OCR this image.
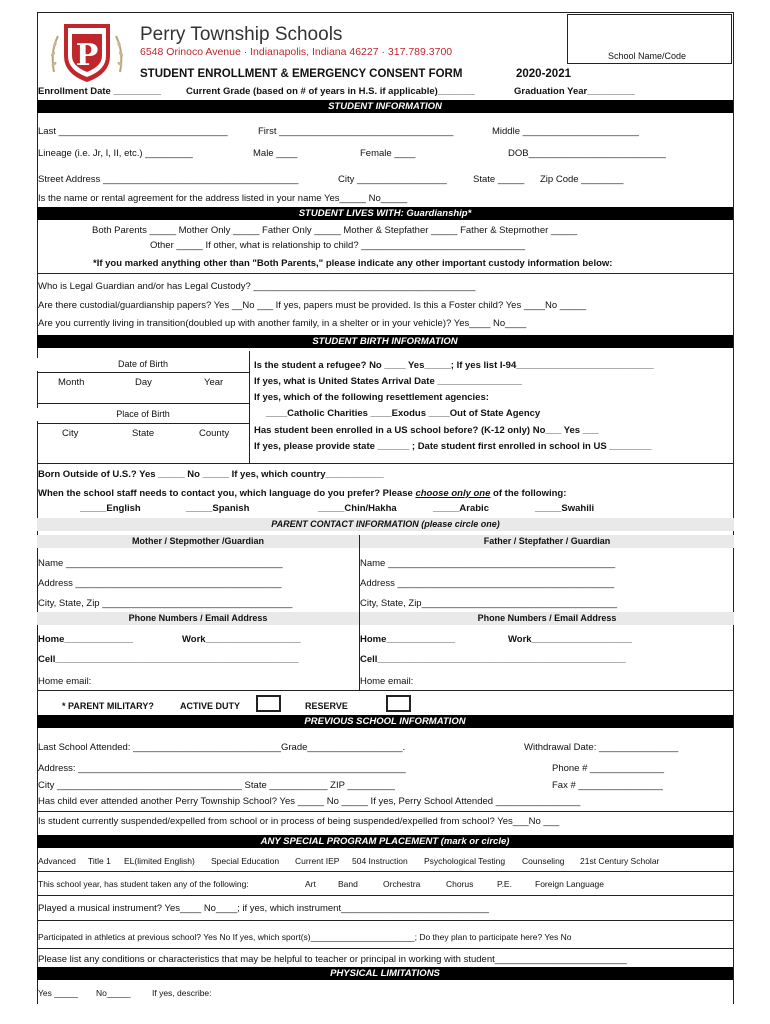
P
Perry Township Schools
6548 Orinoco Avenue · Indianapolis, Indiana 46227 · 317.789.3700	School Name/Code
STUDENT ENROLLMENT & EMERGENCY CONSENT FORM	2020-2021
Enrollment Date _________	Current Grade (based on # of years in H.S. if applicable)_______	Graduation Year_________
STUDENT INFORMATION
Last ________________________________	First _________________________________	Middle ______________________
Lineage (i.e. Jr, I, II, etc.) _________	Male ____	Female ____	DOB__________________________
Street Address _____________________________________	City _________________	State _____ Zip Code ________
Is the name or rental agreement for the address listed in your name Yes_____ No_____
STUDENT LIVES WITH: Guardianship*
Both Parents _____ Mother Only _____ Father Only _____ Mother & Stepfather _____ Father & Stepmother _____
Other _____ If other, what is relationship to child? _______________________________
*If you marked anything other than "Both Parents," please indicate any other important custody information below:
Who is Legal Guardian and/or has Legal Custody? __________________________________________
Are there custodial/guardianship papers? Yes __No ___ If yes, papers must be provided. Is this a Foster child? Yes ____No _____
Are you currently living in transition(doubled up with another family, in a shelter or in your vehicle)? Yes____ No____
STUDENT BIRTH INFORMATION
Date of Birth
Month	Day	Year
Place of Birth
City	State	County
Is the student a refugee? No ____ Yes_____; If yes list I-94__________________________
If yes, what is United States Arrival Date ________________
If yes, which of the following resettlement agencies:
____Catholic Charities ____Exodus ____Out of State Agency
Has student been enrolled in a US school before? (K-12 only) No___ Yes ___
If yes, please provide state ______ ; Date student first enrolled in school in US ________
Born Outside of U.S.? Yes _____ No _____ If yes, which country___________
When the school staff needs to contact you, which language do you prefer? Please choose only one of the following:
_____English	_____Spanish	_____Chin/Hakha	_____Arabic	_____Swahili
PARENT CONTACT INFORMATION (please circle one)
Mother / Stepmother /Guardian	Father / Stepfather / Guardian
Name _________________________________________	Name ___________________________________________
Address _______________________________________	Address _________________________________________
City, State, Zip ____________________________________	City, State, Zip_____________________________________
Phone Numbers / Email Address	Phone Numbers / Email Address
Home_____________	Work__________________	Home_____________	Work___________________
Cell______________________________________________	Cell_______________________________________________
Home email:	Home email:
* PARENT MILITARY?	ACTIVE DUTY	RESERVE
PREVIOUS SCHOOL INFORMATION
Last School Attended: ____________________________Grade__________________.	Withdrawal Date: _______________
Address: ______________________________________________________________	Phone # ______________
City ___________________________________ State ___________ ZIP _________	Fax # ________________
Has child ever attended another Perry Township School? Yes _____ No _____ If yes, Perry School Attended ________________
Is student currently suspended/expelled from school or in process of being suspended/expelled from school? Yes___No ___
ANY SPECIAL PROGRAM PLACEMENT (mark or circle)
Advanced Title 1 EL(limited English) Special Education Current IEP 504 Instruction Psychological Testing Counseling 21st Century Scholar
This school year, has student taken any of the following:	Art	Band	Orchestra	Chorus	P.E.	Foreign Language
Played a musical instrument? Yes____ No____; if yes, which instrument____________________________
Participated in athletics at previous school? Yes No If yes, which sport(s)______________________; Do they plan to participate here? Yes No
Please list any conditions or characteristics that may be helpful to teacher or principal in working with student_________________________
PHYSICAL LIMITATIONS
Yes _____ No_____	If yes, describe:
